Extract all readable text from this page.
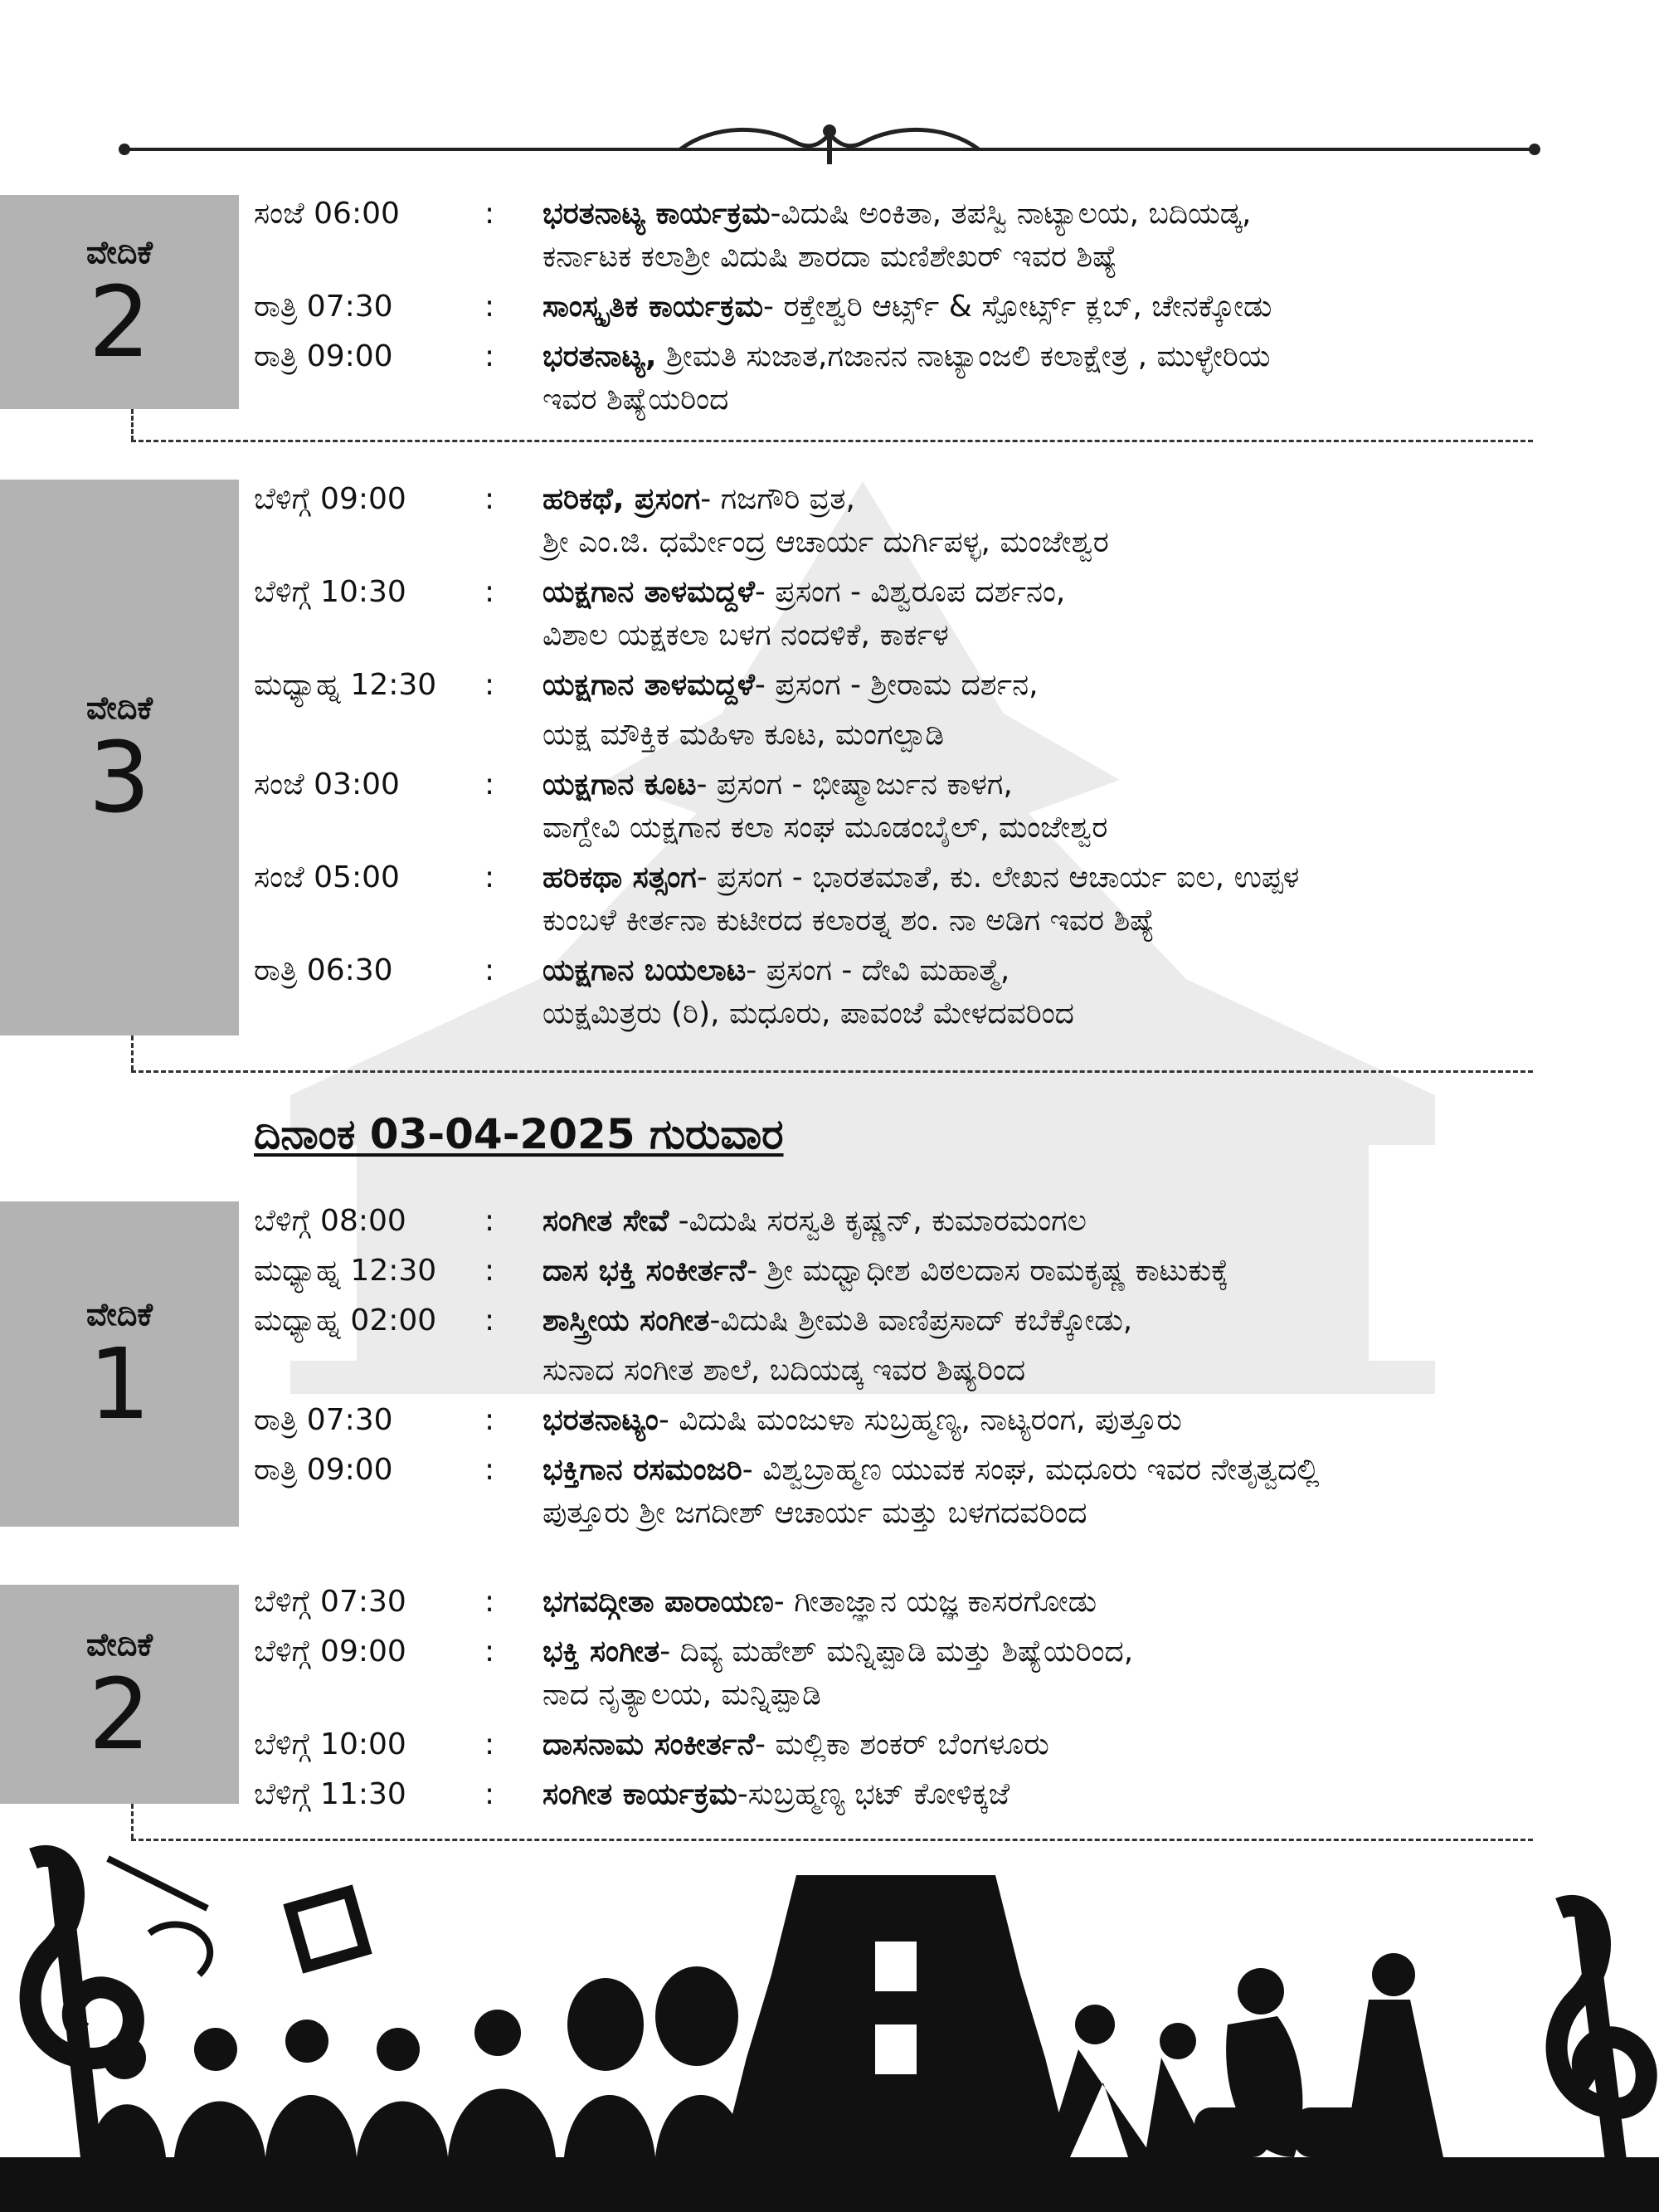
ವೇದಿಕೆ
2
ಸಂಜೆ 06:00	: ಭರತನಾಟ್ಯ ಕಾರ್ಯಕ್ರಮ-ವಿದುಷಿ ಅಂಕಿತಾ, ತಪಸ್ವಿ ನಾಟ್ಯಾಲಯ, ಬದಿಯಡ್ಕ,
ಕರ್ನಾಟಕ ಕಲಾಶ್ರೀ ವಿದುಷಿ ಶಾರದಾ ಮಣಿಶೇಖರ್ ಇವರ ಶಿಷ್ಯೆ
ರಾತ್ರಿ 07:30	: ಸಾಂಸ್ಕೃತಿಕ ಕಾರ್ಯಕ್ರಮ- ರಕ್ತೇಶ್ವರಿ ಆರ್ಟ್ಸ್ & ಸ್ಪೋರ್ಟ್ಸ್ ಕ್ಲಬ್, ಚೇನಕ್ಕೋಡು
ರಾತ್ರಿ 09:00	: ಭರತನಾಟ್ಯ, ಶ್ರೀಮತಿ ಸುಜಾತ,ಗಜಾನನ ನಾಟ್ಯಾಂಜಲಿ ಕಲಾಕ್ಷೇತ್ರ , ಮುಳ್ಳೇರಿಯ
ಇವರ ಶಿಷ್ಯೆಯರಿಂದ
ವೇದಿಕೆ
3
ಬೆಳಿಗ್ಗೆ 09:00	: ಹರಿಕಥೆ, ಪ್ರಸಂಗ- ಗಜಗೌರಿ ವ್ರತ,
ಶ್ರೀ ಎಂ.ಜಿ. ಧರ್ಮೇಂದ್ರ ಆಚಾರ್ಯ ದುರ್ಗಿಪಳ್ಳ, ಮಂಜೇಶ್ವರ
ಬೆಳಿಗ್ಗೆ 10:30	: ಯಕ್ಷಗಾನ ತಾಳಮದ್ದಳೆ- ಪ್ರಸಂಗ - ವಿಶ್ವರೂಪ ದರ್ಶನಂ,
ವಿಶಾಲ ಯಕ್ಷಕಲಾ ಬಳಗ ನಂದಳಿಕೆ, ಕಾರ್ಕಳ
ಮಧ್ಯಾಹ್ನ 12:30	: ಯಕ್ಷಗಾನ ತಾಳಮದ್ದಳೆ- ಪ್ರಸಂಗ - ಶ್ರೀರಾಮ ದರ್ಶನ,
ಯಕ್ಷ ಮೌಕ್ತಿಕ ಮಹಿಳಾ ಕೂಟ, ಮಂಗಲ್ಪಾಡಿ
ಸಂಜೆ 03:00	: ಯಕ್ಷಗಾನ ಕೂಟ- ಪ್ರಸಂಗ - ಭೀಷ್ಮಾರ್ಜುನ ಕಾಳಗ,
ವಾಗ್ದೇವಿ ಯಕ್ಷಗಾನ ಕಲಾ ಸಂಘ ಮೂಡಂಬೈಲ್, ಮಂಜೇಶ್ವರ
ಸಂಜೆ 05:00	: ಹರಿಕಥಾ ಸತ್ಸಂಗ- ಪ್ರಸಂಗ - ಭಾರತಮಾತೆ, ಕು. ಲೇಖನ ಆಚಾರ್ಯ ಐಲ, ಉಪ್ಪಳ
ಕುಂಬಳೆ ಕೀರ್ತನಾ ಕುಟೀರದ ಕಲಾರತ್ನ ಶಂ. ನಾ ಅಡಿಗ ಇವರ ಶಿಷ್ಯೆ
ರಾತ್ರಿ 06:30	: ಯಕ್ಷಗಾನ ಬಯಲಾಟ- ಪ್ರಸಂಗ - ದೇವಿ ಮಹಾತ್ಮೆ,
ಯಕ್ಷಮಿತ್ರರು (ರಿ), ಮಧೂರು, ಪಾವಂಜೆ ಮೇಳದವರಿಂದ
ದಿನಾಂಕ 03-04-2025 ಗುರುವಾರ
ವೇದಿಕೆ
1
ಬೆಳಿಗ್ಗೆ 08:00	: ಸಂಗೀತ ಸೇವೆ -ವಿದುಷಿ ಸರಸ್ವತಿ ಕೃಷ್ಣನ್, ಕುಮಾರಮಂಗಲ
ಮಧ್ಯಾಹ್ನ 12:30	: ದಾಸ ಭಕ್ತಿ ಸಂಕೀರ್ತನೆ- ಶ್ರೀ ಮಧ್ವಾಧೀಶ ವಿಠಲದಾಸ ರಾಮಕೃಷ್ಣ ಕಾಟುಕುಕ್ಕೆ
ಮಧ್ಯಾಹ್ನ 02:00	: ಶಾಸ್ತ್ರೀಯ ಸಂಗೀತ-ವಿದುಷಿ ಶ್ರೀಮತಿ ವಾಣಿಪ್ರಸಾದ್ ಕಬೆಕ್ಕೋಡು,
ಸುನಾದ ಸಂಗೀತ ಶಾಲೆ, ಬದಿಯಡ್ಕ ಇವರ ಶಿಷ್ಯರಿಂದ
ರಾತ್ರಿ 07:30	: ಭರತನಾಟ್ಯಂ- ವಿದುಷಿ ಮಂಜುಳಾ ಸುಬ್ರಹ್ಮಣ್ಯ, ನಾಟ್ಯರಂಗ, ಪುತ್ತೂರು
ರಾತ್ರಿ 09:00	: ಭಕ್ತಿಗಾನ ರಸಮಂಜರಿ- ವಿಶ್ವಬ್ರಾಹ್ಮಣ ಯುವಕ ಸಂಘ, ಮಧೂರು ಇವರ ನೇತೃತ್ವದಲ್ಲಿ
ಪುತ್ತೂರು ಶ್ರೀ ಜಗದೀಶ್ ಆಚಾರ್ಯ ಮತ್ತು ಬಳಗದವರಿಂದ
ವೇದಿಕೆ
2
ಬೆಳಿಗ್ಗೆ 07:30	: ಭಗವದ್ಗೀತಾ ಪಾರಾಯಣ- ಗೀತಾಜ್ಞಾನ ಯಜ್ಞ ಕಾಸರಗೋಡು
ಬೆಳಿಗ್ಗೆ 09:00	: ಭಕ್ತಿ ಸಂಗೀತ- ದಿವ್ಯ ಮಹೇಶ್ ಮನ್ನಿಪ್ಪಾಡಿ ಮತ್ತು ಶಿಷ್ಯೆಯರಿಂದ,
ನಾದ ನೃತ್ಯಾಲಯ, ಮನ್ನಿಪ್ಪಾಡಿ
ಬೆಳಿಗ್ಗೆ 10:00	: ದಾಸನಾಮ ಸಂಕೀರ್ತನೆ- ಮಲ್ಲಿಕಾ ಶಂಕರ್ ಬೆಂಗಳೂರು
ಬೆಳಿಗ್ಗೆ 11:30	: ಸಂಗೀತ ಕಾರ್ಯಕ್ರಮ-ಸುಬ್ರಹ್ಮಣ್ಯ ಭಟ್ ಕೋಳಿಕ್ಕಜೆ
